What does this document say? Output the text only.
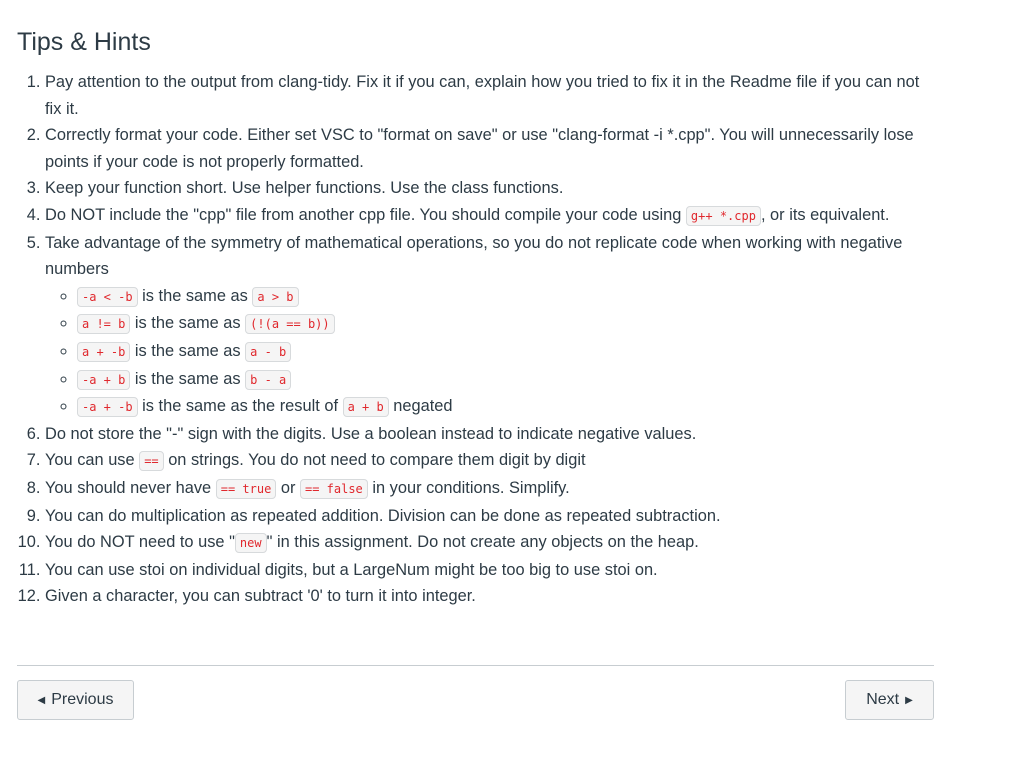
Tips & Hints
1. Pay attention to the output from clang-tidy. Fix it if you can, explain how you tried to fix it in the Readme file if you can not fix it.
2. Correctly format your code. Either set VSC to "format on save" or use "clang-format -i *.cpp". You will unnecessarily lose points if your code is not properly formatted.
3. Keep your function short. Use helper functions. Use the class functions.
4. Do NOT include the "cpp" file from another cpp file. You should compile your code using g++ *.cpp , or its equivalent.
5. Take advantage of the symmetry of mathematical operations, so you do not replicate code when working with negative numbers
◦ -a < -b is the same as a > b
◦ a != b is the same as (!(a == b))
◦ a + -b is the same as a - b
◦ -a + b is the same as b - a
◦ -a + -b is the same as the result of a + b negated
6. Do not store the "-" sign with the digits. Use a boolean instead to indicate negative values.
7. You can use == on strings. You do not need to compare them digit by digit
8. You should never have == true or == false in your conditions. Simplify.
9. You can do multiplication as repeated addition. Division can be done as repeated subtraction.
10. You do NOT need to use " new " in this assignment. Do not create any objects on the heap.
11. You can use stoi on individual digits, but a LargeNum might be too big to use stoi on.
12. Given a character, you can subtract '0' to turn it into integer.
◀ Previous	Next ▶
